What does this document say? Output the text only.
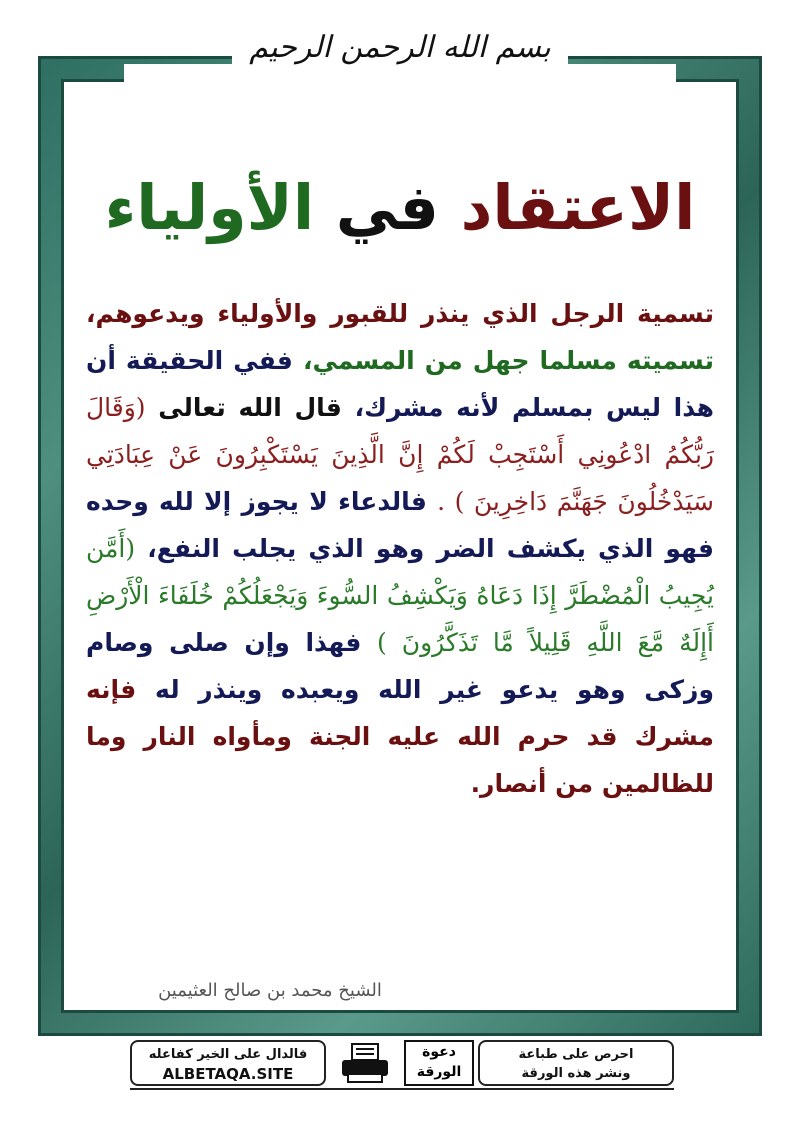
بسم الله الرحمن الرحيم
الاعتقاد في الأولياء
تسمية الرجل الذي ينذر للقبور والأولياء ويدعوهم، تسميته مسلما جهل من المسمي، ففي الحقيقة أن هذا ليس بمسلم لأنه مشرك، قال الله تعالى (وَقَالَ رَبُّكُمُ ادْعُونِي أَسْتَجِبْ لَكُمْ إِنَّ الَّذِينَ يَسْتَكْبِرُونَ عَنْ عِبَادَتِي سَيَدْخُلُونَ جَهَنَّمَ دَاخِرِينَ ) . فالدعاء لا يجوز إلا لله وحده فهو الذي يكشف الضر وهو الذي يجلب النفع، (أَمَّن يُجِيبُ الْمُضْطَرَّ إِذَا دَعَاهُ وَيَكْشِفُ السُّوءَ وَيَجْعَلُكُمْ خُلَفَاءَ الْأَرْضِ أَإِلَهٌ مَّعَ اللَّهِ قَلِيلاً مَّا تَذَكَّرُونَ ) فهذا وإن صلى وصام وزكى وهو يدعو غير الله ويعبده وينذر له فإنه مشرك قد حرم الله عليه الجنة ومأواه النار وما للظالمين من أنصار.
الشيخ محمد بن صالح العثيمين
فالدال على الخير كفاعله
ALBETAQA.SITE
دعوة
الورقة
احرص على طباعة
ونشر هذه الورقة
